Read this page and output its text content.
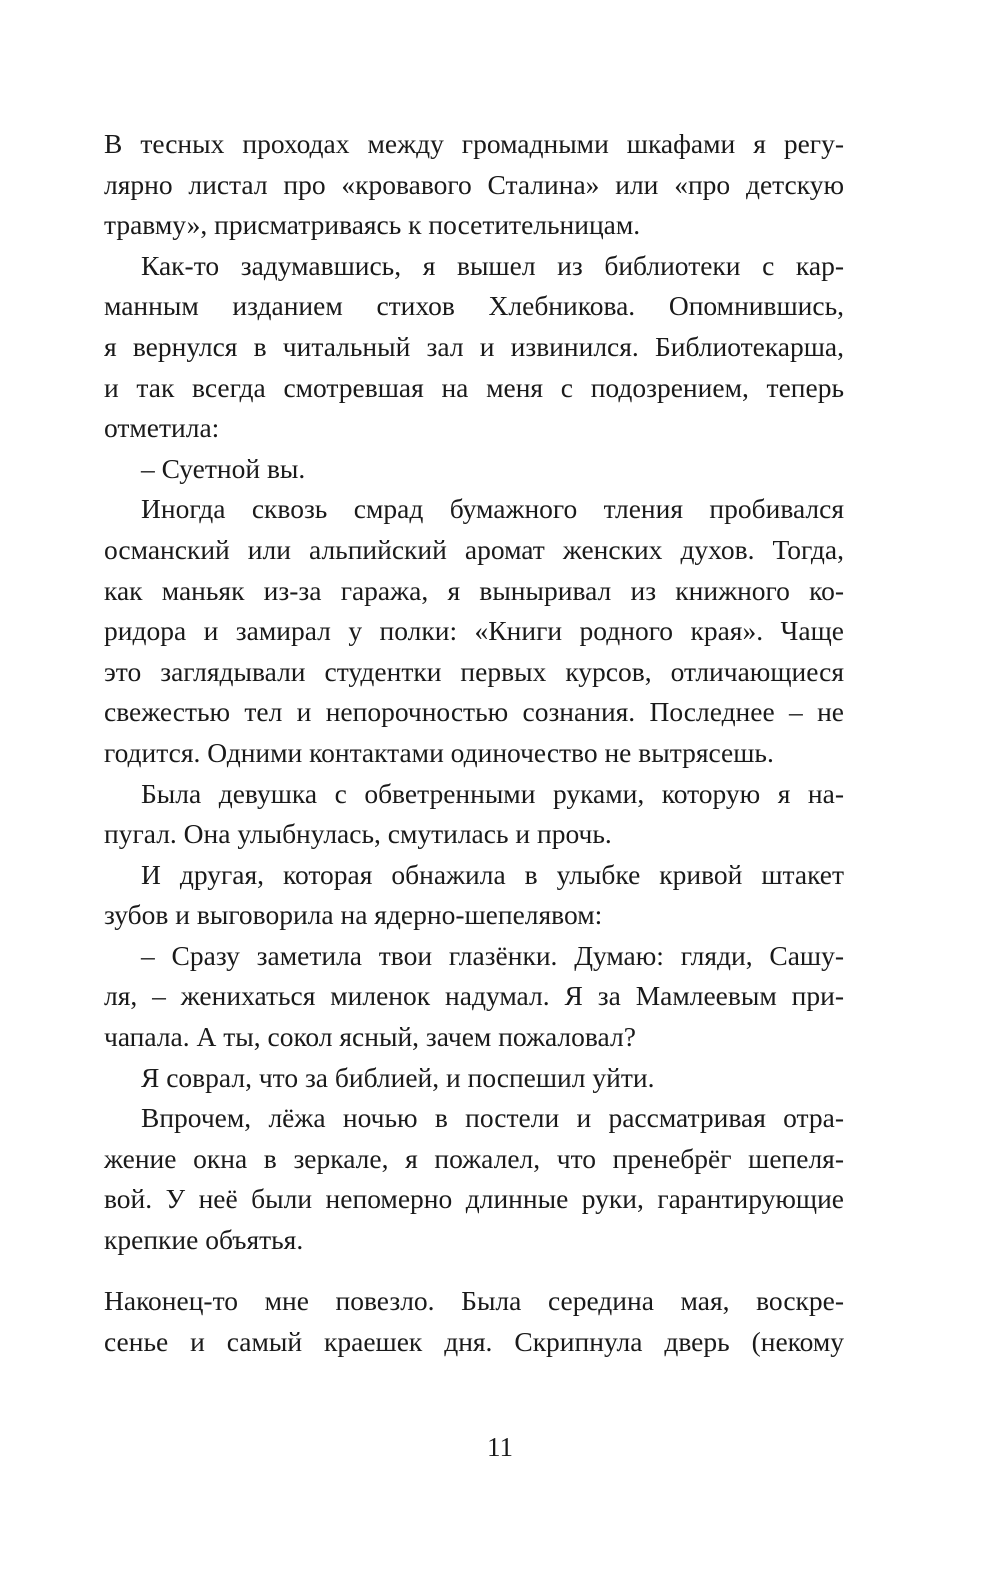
В тесных проходах между громадными шкафами я регу-
лярно листал про «кровавого Сталина» или «про детскую
травму», присматриваясь к посетительницам.
Как-то задумавшись, я вышел из библиотеки с кар-
манным изданием стихов Хлебникова. Опомнившись,
я вернулся в читальный зал и извинился. Библиотекарша,
и так всегда смотревшая на меня с подозрением, теперь
отметила:
– Суетной вы.
Иногда сквозь смрад бумажного тления пробивался
османский или альпийский аромат женских духов. Тогда,
как маньяк из-за гаража, я выныривал из книжного ко-
ридора и замирал у полки: «Книги родного края». Чаще
это заглядывали студентки первых курсов, отличающиеся
свежестью тел и непорочностью сознания. Последнее – не
годится. Одними контактами одиночество не вытрясешь.
Была девушка с обветренными руками, которую я на-
пугал. Она улыбнулась, смутилась и прочь.
И другая, которая обнажила в улыбке кривой штакет
зубов и выговорила на ядерно-шепелявом:
– Сразу заметила твои глазёнки. Думаю: гляди, Сашу-
ля, – женихаться миленок надумал. Я за Мамлеевым при-
чапала. А ты, сокол ясный, зачем пожаловал?
Я соврал, что за библией, и поспешил уйти.
Впрочем, лёжа ночью в постели и рассматривая отра-
жение окна в зеркале, я пожалел, что пренебрёг шепеля-
вой. У неё были непомерно длинные руки, гарантирующие
крепкие объятья.
Наконец-то мне повезло. Была середина мая, воскре-
сенье и самый краешек дня. Скрипнула дверь (некому
11
